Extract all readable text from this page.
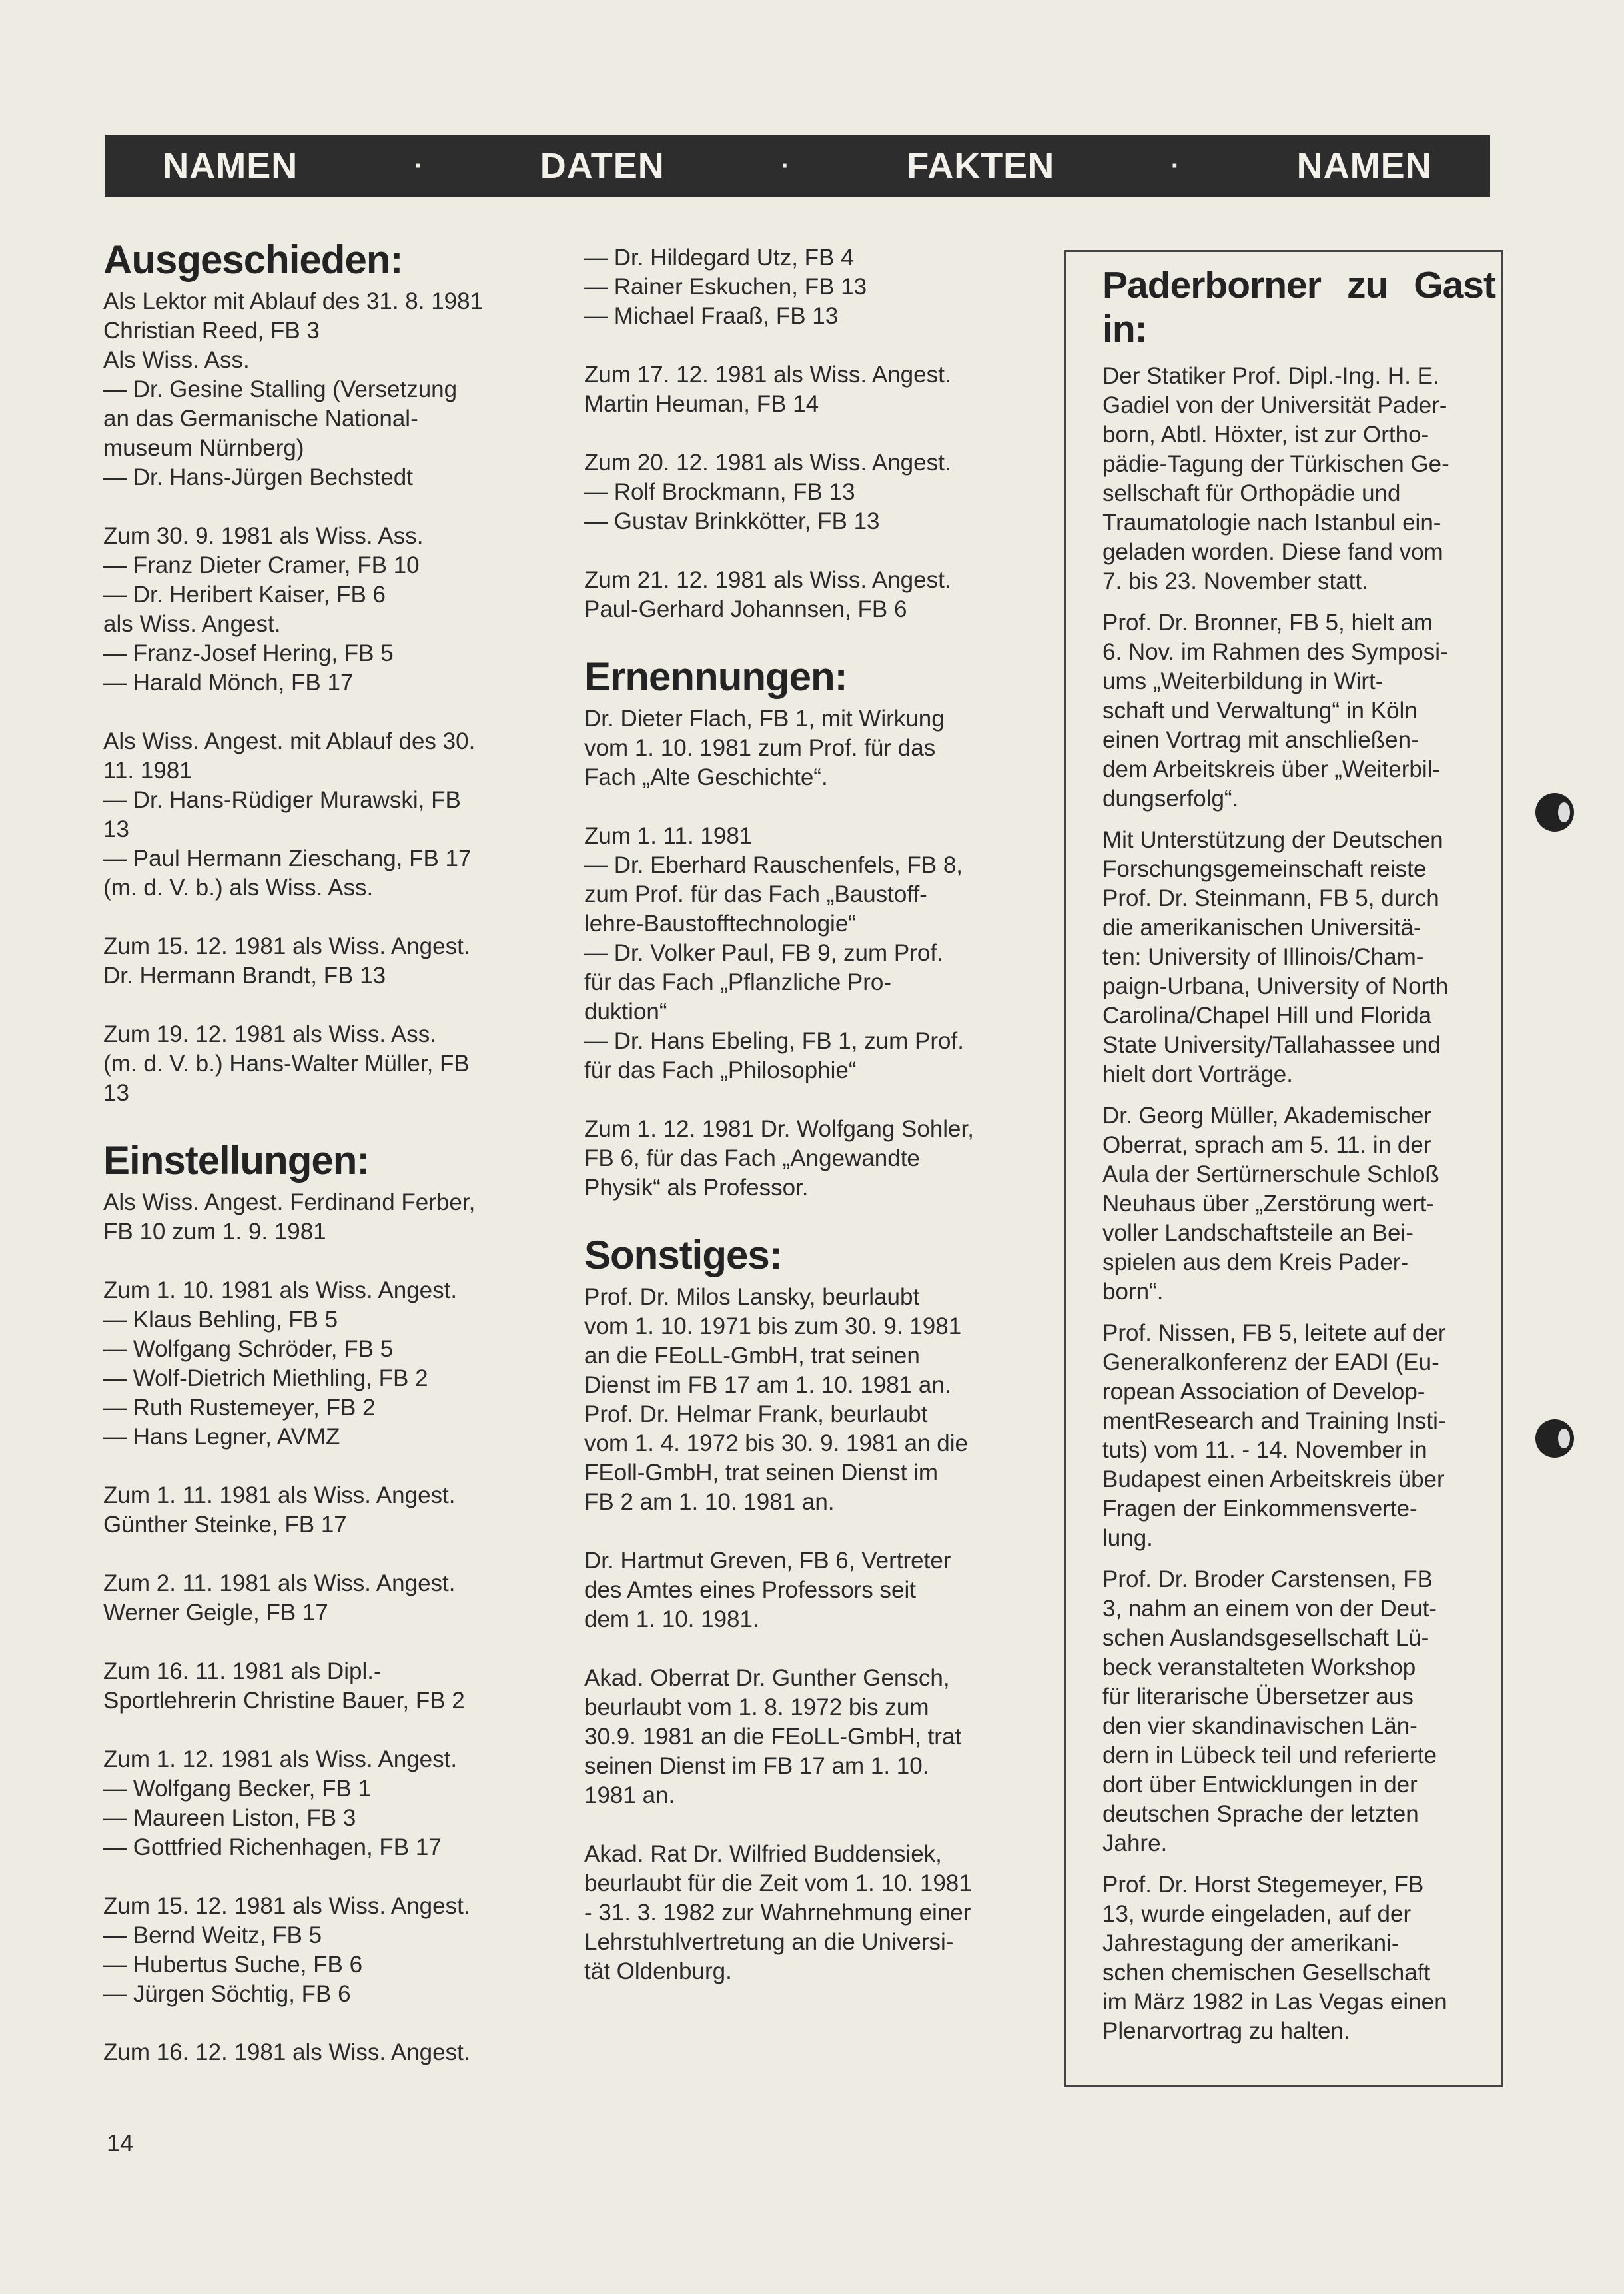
NAMEN	·	DATEN	·	FAKTEN	·	NAMEN
Ausgeschieden:

Als Lektor mit Ablauf des 31. 8. 1981
Christian Reed, FB 3
Als Wiss. Ass.
— Dr. Gesine Stalling (Versetzung
an das Germanische National-
museum Nürnberg)
— Dr. Hans-Jürgen Bechstedt

Zum 30. 9. 1981 als Wiss. Ass.
— Franz Dieter Cramer, FB 10
— Dr. Heribert Kaiser, FB 6
als Wiss. Angest.
— Franz-Josef Hering, FB 5
— Harald Mönch, FB 17

Als Wiss. Angest. mit Ablauf des 30.
11. 1981
— Dr. Hans-Rüdiger Murawski, FB
13
— Paul Hermann Zieschang, FB 17
(m. d. V. b.) als Wiss. Ass.

Zum 15. 12. 1981 als Wiss. Angest.
Dr. Hermann Brandt, FB 13

Zum 19. 12. 1981 als Wiss. Ass.
(m. d. V. b.) Hans-Walter Müller, FB
13

Einstellungen:

Als Wiss. Angest. Ferdinand Ferber,
FB 10 zum 1. 9. 1981

Zum 1. 10. 1981 als Wiss. Angest.
— Klaus Behling, FB 5
— Wolfgang Schröder, FB 5
— Wolf-Dietrich Miethling, FB 2
— Ruth Rustemeyer, FB 2
— Hans Legner, AVMZ

Zum 1. 11. 1981 als Wiss. Angest.
Günther Steinke, FB 17

Zum 2. 11. 1981 als Wiss. Angest.
Werner Geigle, FB 17

Zum 16. 11. 1981 als Dipl.-
Sportlehrerin Christine Bauer, FB 2

Zum 1. 12. 1981 als Wiss. Angest.
— Wolfgang Becker, FB 1
— Maureen Liston, FB 3
— Gottfried Richenhagen, FB 17

Zum 15. 12. 1981 als Wiss. Angest.
— Bernd Weitz, FB 5
— Hubertus Suche, FB 6
— Jürgen Söchtig, FB 6

Zum 16. 12. 1981 als Wiss. Angest.

— Dr. Hildegard Utz, FB 4
— Rainer Eskuchen, FB 13
— Michael Fraaß, FB 13

Zum 17. 12. 1981 als Wiss. Angest.
Martin Heuman, FB 14

Zum 20. 12. 1981 als Wiss. Angest.
— Rolf Brockmann, FB 13
— Gustav Brinkkötter, FB 13

Zum 21. 12. 1981 als Wiss. Angest.
Paul-Gerhard Johannsen, FB 6

Ernennungen:

Dr. Dieter Flach, FB 1, mit Wirkung
vom 1. 10. 1981 zum Prof. für das
Fach „Alte Geschichte“.

Zum 1. 11. 1981
— Dr. Eberhard Rauschenfels, FB 8,
zum Prof. für das Fach „Baustoff-
lehre-Baustofftechnologie“
— Dr. Volker Paul, FB 9, zum Prof.
für das Fach „Pflanzliche Pro-
duktion“
— Dr. Hans Ebeling, FB 1, zum Prof.
für das Fach „Philosophie“

Zum 1. 12. 1981 Dr. Wolfgang Sohler,
FB 6, für das Fach „Angewandte
Physik“ als Professor.

Sonstiges:

Prof. Dr. Milos Lansky, beurlaubt
vom 1. 10. 1971 bis zum 30. 9. 1981
an die FEoLL-GmbH, trat seinen
Dienst im FB 17 am 1. 10. 1981 an.
Prof. Dr. Helmar Frank, beurlaubt
vom 1. 4. 1972 bis 30. 9. 1981 an die
FEoll-GmbH, trat seinen Dienst im
FB 2 am 1. 10. 1981 an.

Dr. Hartmut Greven, FB 6, Vertreter
des Amtes eines Professors seit
dem 1. 10. 1981.

Akad. Oberrat Dr. Gunther Gensch,
beurlaubt vom 1. 8. 1972 bis zum
30.9. 1981 an die FEoLL-GmbH, trat
seinen Dienst im FB 17 am 1. 10.
1981 an.

Akad. Rat Dr. Wilfried Buddensiek,
beurlaubt für die Zeit vom 1. 10. 1981
- 31. 3. 1982 zur Wahrnehmung einer
Lehrstuhlvertretung an die Universi-
tät Oldenburg.

Paderborner zu Gast in:

Der Statiker Prof. Dipl.-Ing. H. E.
Gadiel von der Universität Pader-
born, Abtl. Höxter, ist zur Ortho-
pädie-Tagung der Türkischen Ge-
sellschaft für Orthopädie und
Traumatologie nach Istanbul ein-
geladen worden. Diese fand vom
7. bis 23. November statt.

Prof. Dr. Bronner, FB 5, hielt am
6. Nov. im Rahmen des Symposi-
ums „Weiterbildung in Wirt-
schaft und Verwaltung“ in Köln
einen Vortrag mit anschließen-
dem Arbeitskreis über „Weiterbil-
dungserfolg“.

Mit Unterstützung der Deutschen
Forschungsgemeinschaft reiste
Prof. Dr. Steinmann, FB 5, durch
die amerikanischen Universitä-
ten: University of Illinois/Cham-
paign-Urbana, University of North
Carolina/Chapel Hill und Florida
State University/Tallahassee und
hielt dort Vorträge.

Dr. Georg Müller, Akademischer
Oberrat, sprach am 5. 11. in der
Aula der Sertürnerschule Schloß
Neuhaus über „Zerstörung wert-
voller Landschaftsteile an Bei-
spielen aus dem Kreis Pader-
born“.

Prof. Nissen, FB 5, leitete auf der
Generalkonferenz der EADI (Eu-
ropean Association of Develop-
mentResearch and Training Insti-
tuts) vom 11. - 14. November in
Budapest einen Arbeitskreis über
Fragen der Einkommensverte-
lung.

Prof. Dr. Broder Carstensen, FB
3, nahm an einem von der Deut-
schen Auslandsgesellschaft Lü-
beck veranstalteten Workshop
für literarische Übersetzer aus
den vier skandinavischen Län-
dern in Lübeck teil und referierte
dort über Entwicklungen in der
deutschen Sprache der letzten
Jahre.

Prof. Dr. Horst Stegemeyer, FB
13, wurde eingeladen, auf der
Jahrestagung der amerikani-
schen chemischen Gesellschaft
im März 1982 in Las Vegas einen
Plenarvortrag zu halten.

14
